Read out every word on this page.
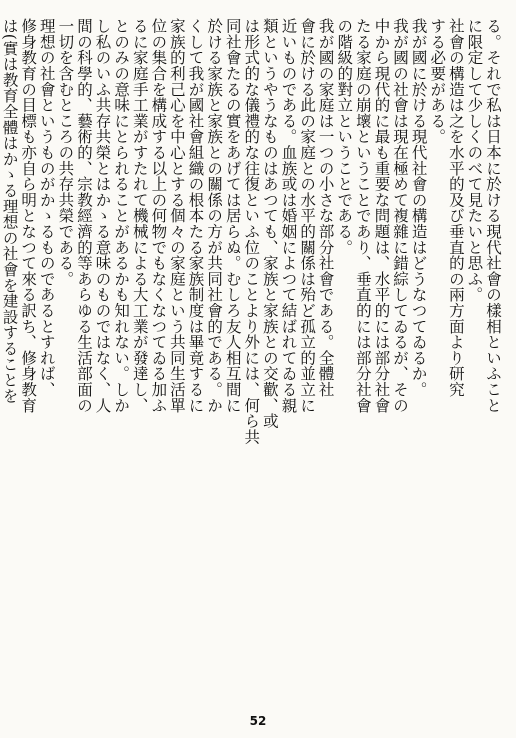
る。それで私は日本に於ける現代社會の樣相といふこと
に限定して少しくのべて見たいと思ふ。
社會の構造は之を水平的及び垂直的の兩方面より研究
する必要がある。
我が國に於ける現代社會の構造はどうなつてゐるか。
我が國の社會は現在極めて複雜に錯綜してゐるが、その
中から現代的に最も重要な問題は、水平的には部分社會
たる家庭の崩壞ということであり、垂直的には部分社會
の階級的對立ということである。
我が國の家庭は一つの小さな部分社會である。全體社
會に於ける此の家庭との水平的關係は殆ど孤立的並立に
近いものである。血族或は婚姻によつて結ばれてゐる親
類というやうなものはあつても、家族と家族との交歡、或
は形式的な儀禮的な往復といふ位のことより外には、何ら共
同社會たるの實をあげては居らぬ。むしろ友人相互間に
於ける家族と家族との關係の方が共同社會的である。か
くして我が國社會組織の根本たる家族制度は畢竟するに
家族的利己心を中心とする個々の家庭という共同生活單
位の集合を構成する以上の何物でもなくなつてゐる加ふ
るに家庭手工業がすたれて機械による大工業が發達し、
とのみの意味にとられることがあるかも知れない。しか
し私のいふ共存共榮とはかゝる意味のものではなく、人
間の科學的、藝術的、宗教經濟的等あらゆる生活部面の
一切を含むところの共存共榮である。
理想の社會というものがかゝるものであるとすれば、
修身教育の目標も亦自ら明となつて來る訳ち、修身教育
は(實は教育全體はかゝる理想の社會を建設することを
52
